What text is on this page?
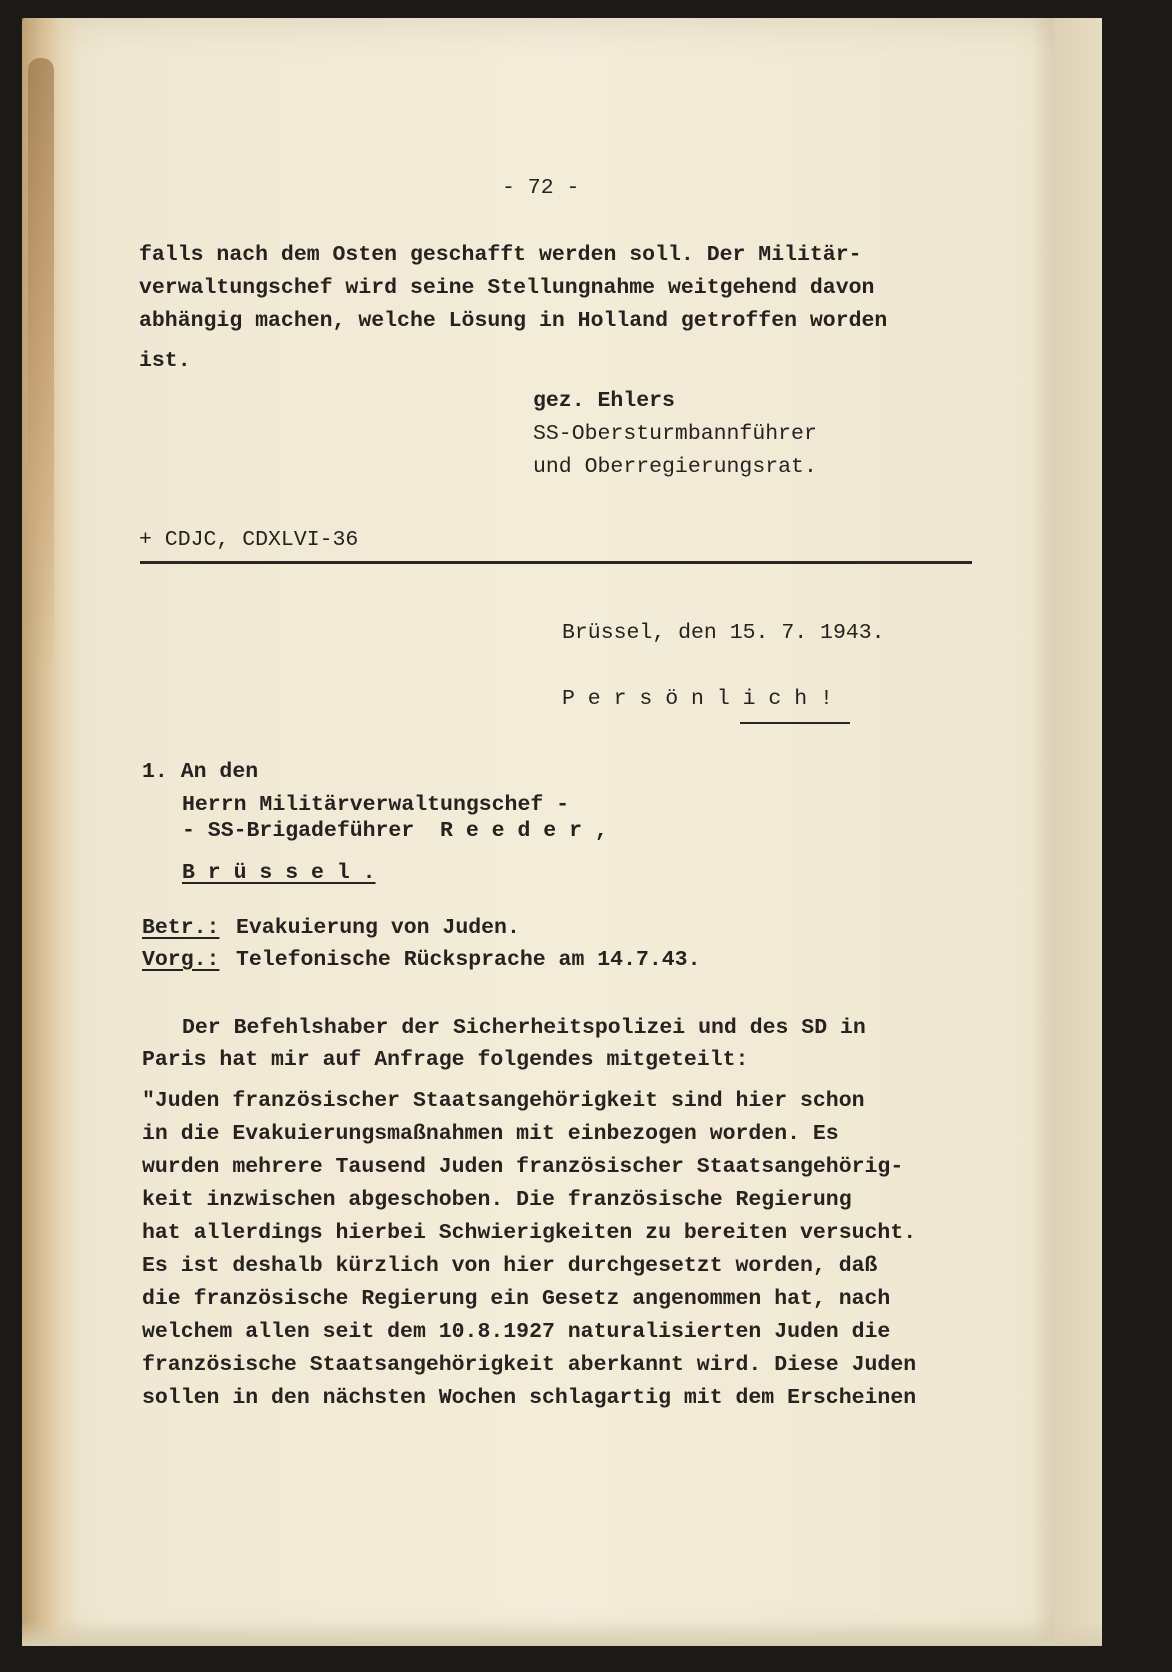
- 72 -
falls nach dem Osten geschafft werden soll. Der Militär-
verwaltungschef wird seine Stellungnahme weitgehend davon
abhängig machen, welche Lösung in Holland getroffen worden
ist.
gez. Ehlers
SS-Obersturmbannführer
und Oberregierungsrat.
+ CDJC, CDXLVI-36
Brüssel, den 15. 7. 1943.
P e r s ö n l i c h !
1. An den
Herrn Militärverwaltungschef -
- SS-Brigadeführer  R e e d e r ,
B r ü s s e l .
Betr.: Evakuierung von Juden.
Vorg.: Telefonische Rücksprache am 14.7.43.
Der Befehlshaber der Sicherheitspolizei und des SD in
Paris hat mir auf Anfrage folgendes mitgeteilt:
"Juden französischer Staatsangehörigkeit sind hier schon
in die Evakuierungsmaßnahmen mit einbezogen worden. Es
wurden mehrere Tausend Juden französischer Staatsangehörig-
keit inzwischen abgeschoben. Die französische Regierung
hat allerdings hierbei Schwierigkeiten zu bereiten versucht.
Es ist deshalb kürzlich von hier durchgesetzt worden, daß
die französische Regierung ein Gesetz angenommen hat, nach
welchem allen seit dem 10.8.1927 naturalisierten Juden die
französische Staatsangehörigkeit aberkannt wird. Diese Juden
sollen in den nächsten Wochen schlagartig mit dem Erscheinen
